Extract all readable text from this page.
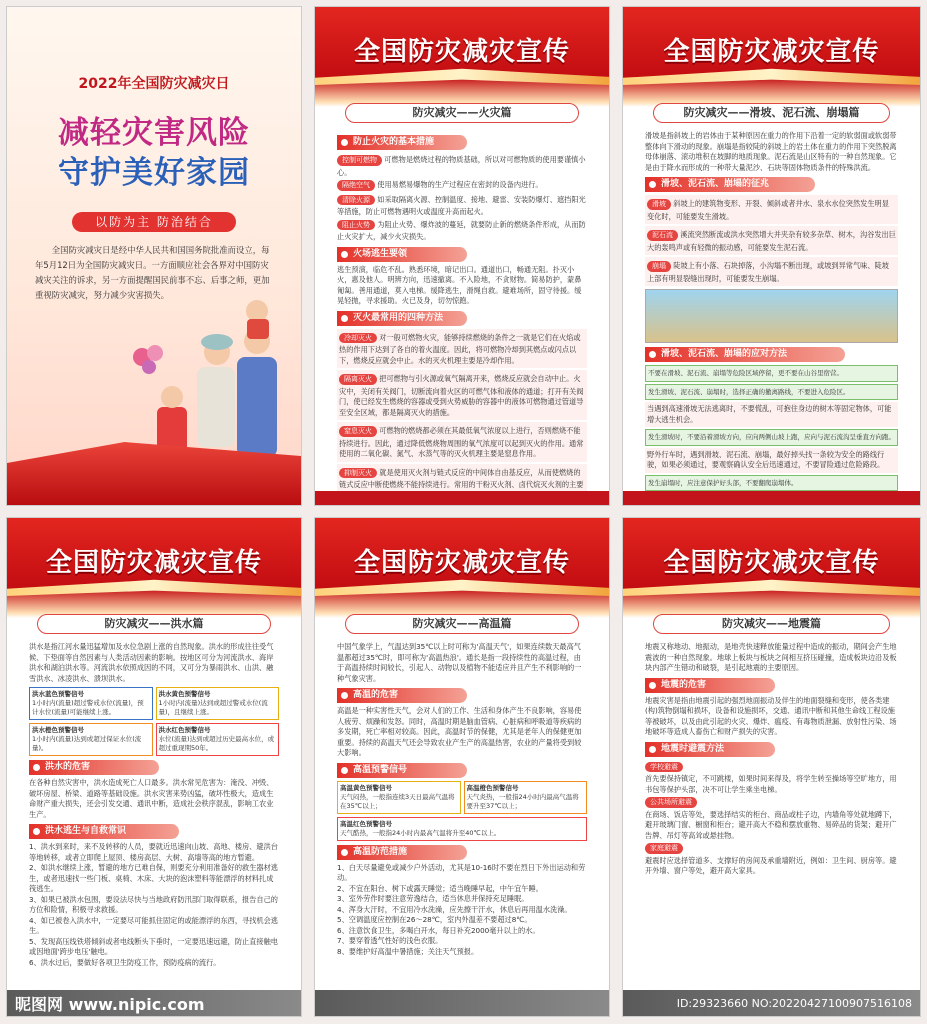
2022年全国防灾减灾日
减轻灾害风险
守护美好家园
以防为主 防治结合
全国防灾减灾日是经中华人民共和国国务院批准而设立，每年5月12日为全国防灾减灾日。一方面顺应社会各界对中国防灾减灾关注的诉求，另一方面提醒国民前事不忘、后事之师，更加重视防灾减灾，努力减少灾害损失。
全国防灾减灾宣传
防灾减灾——火灾篇
防止火灾的基本措施
控制可燃物 可燃物是燃烧过程的物质基础，所以对可燃物质的使用要谨慎小心。
隔绝空气 使用易燃易爆物的生产过程应在密封的设备内进行。
清除火源 如采取隔离火源、控制温度、接地、避雷、安装防爆灯、遮挡阳光等措施，防止可燃物遇明火或温度升高而起火。
阻止火势 为阻止火势、爆炸波的蔓延，就要防止新的燃烧条件形成，从而防止火灾扩大，减少火灾损失。
火场逃生要领
逃生预演，临危不乱。熟悉环境，暗记出口。通道出口，畅通无阻。扑灭小火，惠及他人。明辨方向，迅速撤离。不入险地，不贪财物。简易防护，蒙鼻匍匐。善用通道，莫入电梯。缓降逃生，滑绳自救。避难场所，固守待援。缓晃轻抛，寻求援助。火已及身，切勿惊跑。
灭火最常用的四种方法
冷却灭火 对一般可燃物火灾，能够持续燃烧的条件之一就是它们在火焰或热的作用下达到了各自的着火温度。因此，将可燃物冷却到其燃点或闪点以下，燃烧反应就会中止。水的灭火机理主要是冷却作用。
隔离灭火 把可燃物与引火源或氧气隔离开来，燃烧反应就会自动中止。火灾中，关闭有关阀门，切断流向着火区的可燃气体和液体的通道；打开有关阀门，使已经发生燃烧的容器或受到火势威胁的容器中的液体可燃物通过管道导至安全区域，都是隔离灭火的措施。
窒息灭火 可燃物的燃烧都必须在其最低氧气浓度以上进行，否则燃烧不能持续进行。因此，通过降低燃烧物周围的氧气浓度可以起到灭火的作用。通常使用的二氧化碳、氮气、水蒸气等的灭火机理主要是窒息作用。
抑制灭火 就是使用灭火剂与链式反应的中间体自由基反应，从而使燃烧的链式反应中断使燃烧不能持续进行。常用的干粉灭火剂、卤代烷灭火剂的主要
全国防灾减灾宣传
防灾减灾——滑坡、泥石流、崩塌篇
滑坡是指斜坡上的岩体由于某种原因在重力的作用下沿着一定的软弱面或软弱带整体向下滑动的现象。崩塌是指较陡的斜坡上的岩土体在重力的作用下突然脱离母体崩落、滚动堆积在坡脚的地质现象。泥石流是山区特有的一种自然现象。它是由于降水而形成的一种带大量泥沙、石块等固体物质条件的特殊洪流。
滑坡、泥石流、崩塌的征兆
滑坡 斜坡上的建筑物变形、开裂、倾斜或者井水、泉水水位突然发生明显变化时，可能要发生滑坡。
泥石流 溪流突然断流或洪水突然增大并夹杂有较多杂草、树木，沟谷发出巨大的轰鸣声或有轻微的振动感，可能要发生泥石流。
崩塌 陡坡上有小落、石块掉落，小沟塌不断出现，或坡到异常气味、陡坡上部有明显裂缝出现时，可能要发生崩塌。
滑坡、泥石流、崩塌的应对方法
不要在滑坡、泥石流、崩塌等危险区域停留，更不要在山谷里宿营。
发生滑坡、泥石流、崩塌时，选择正确的撤离路线，不要进入危险区。
当遇到高速滑坡无法逃离时，不要慌乱，可抱住身边的树木等固定物体，可能增大逃生机会。
发生滑坡时，不要沿着滑坡方向，应向两侧山坡上跑，应向与泥石流沟呈垂直方向跑。
野外行车时，遇到滑坡、泥石流、崩塌，最好掉头找一条较为安全的路线行驶，如果必须通过，要观察确认安全后迅速通过，不要冒险通过危险路段。
发生崩塌时，应注意保护好头部，不要翻爬崩塌体。
全国防灾减灾宣传
防灾减灾——洪水篇
洪水是指江河水量迅猛增加及水位急剧上涨的自然现象。洪水的形成往往受气候、下垫面等自然因素与人类活动因素的影响。按地区可分为河流洪水、海岸洪水和湖泊洪水等。河流洪水依照成因的不同，又可分为暴雨洪水、山洪、融雪洪水、冰凌洪水、溃坝洪水。
洪水蓝色预警信号
1小时内(流量)超过警戒水位(流量)，预计水位(流量)可能继续上涨。
洪水黄色预警信号
1小时内(流量)达到或超过警戒水位(流量)，且继续上涨。
洪水橙色预警信号
1小时内(流量)达到或超过保证水位(流量)。
洪水红色预警信号
水位(流量)达到或超过历史最高水位，或超过重现期50年。
洪水的危害
在各种自然灾害中，洪水造成死亡人口最多。洪水常见危害为：淹没、冲毁、破坏房屋、桥梁、道路等基础设施。洪水灾害来势凶猛，破坏性极大，造成生命财产重大损失，还会引发交通、通讯中断，造成社会秩序混乱，影响工农业生产。
洪水逃生与自救常识
1、洪水到来时，来不及转移的人员，要就近迅速向山坡、高地、楼房、避洪台等地转移，或者立即爬上屋顶、楼房高层、大树、高墙等高的地方暂避。
2、如洪水继续上涨，暂避的地方已难自保，则要充分利用准备好的救生器材逃生，或者迅速找一些门板、桌椅、木床、大块的泡沫塑料等能漂浮的材料扎成筏逃生。
3、如果已被洪水包围，要设法尽快与当地政府防汛部门取得联系，报告自己的方位和险情，积极寻求救援。
4、如已被卷入洪水中，一定要尽可能抓住固定的或能漂浮的东西，寻找机会逃生。
5、发现高压线铁塔倾斜或者电线断头下垂时，一定要迅速远避，防止直接触电或因地面'跨步电压'触电。
6、洪水过后，要做好各项卫生防疫工作，预防疫病的流行。
昵图网 www.nipic.com
全国防灾减灾宣传
防灾减灾——高温篇
中国气象学上，气温达到35℃以上时可称为'高温天气'，如果连续数天最高气温都超过35℃时，即可称为'高温热浪'。通长是指一段持续性的高温过程，由于高温持续时间较长，引起人、动物以及植物不能适应并且产生不利影响的一种气象灾害。
高温的危害
高温是一种实害性天气，会对人们的工作、生活和身体产生不良影响，容易使人疲劳、烦躁和发怒。同时，高温时期是脑血管病、心脏病和呼吸道等疾病的多发期，死亡率相对较高。因此，高温时节的保健，尤其是老年人的保健更加重要。持续的高温天气还会导致农业产生产的高温热害，农业的产量将受到较大影响。
高温预警信号
高温黄色预警信号
天气闷热，一般指连续3天日最高气温将在35℃以上；
高温橙色预警信号
天气炎热，一般指24小时内最高气温将要升至37℃以上；
高温红色预警信号
天气酷热，一般指24小时内最高气温将升至40℃以上。
高温防范措施
1、白天尽量避免或减少户外活动，尤其是10-16时不要在烈日下外出运动和劳动。
2、不宜在阳台、树下或露天睡觉；适当晚睡早起，中午宜午睡。
3、室外劳作时要注意劳逸结合，适当休息并保持充足睡眠。
4、浑身大汗时，不宜用冷水洗澡，应先擦干汗水，休息后再用温水洗澡。
5、空调温度应控制在26～28℃，室内外温差不要超过8℃。
6、注意饮食卫生，多喝白开水，每日补充2000毫升以上的水。
7、要穿着透气性好的浅色衣服。
8、要维护好高温中暑措施；关注天气预报。
全国防灾减灾宣传
防灾减灾——地震篇
地震又称地动、地振动，是地壳快速释放能量过程中造成的振动，期间会产生地震波的一种自然现象。地球上板块与板块之间相互挤压碰撞，造成板块边沿及板块内部产生错动和破裂，是引起地震的主要原因。
地震的危害
地震灾害是指由地震引起的强烈地面振动及伴生的地面裂缝和变形，使各类建(构)筑物倒塌和损坏，设备和设施损坏，交通、通讯中断和其他生命线工程设施等被破坏，以及由此引起的火灾、爆炸、瘟疫、有毒物质泄漏、放射性污染、场地破坏等造成人畜伤亡和财产损失的灾害。
地震时避震方法
学校避震
首先要保持镇定，不可跳楼，如果时间来得及，将学生转至操场等空旷地方，用书包等保护头部，决不可让学生乘坐电梯。
公共场所避震
在商场、饭店等处，要选择结实的柜台、商品或柱子边，内墙角等处就地蹲下，避开玻璃门窗、橱窗和柜台；避开高大不稳和摆放重物、易碎品的货架；避开广告牌、吊灯等高耸或悬挂物。
家庭避震
避震时应选择管道多、支撑好的房间及承重墙附近，例如：卫生间、厨房等。避开外墙、窗户等处，避开高大家具。
ID:29323660 NO:20220427100907516108
